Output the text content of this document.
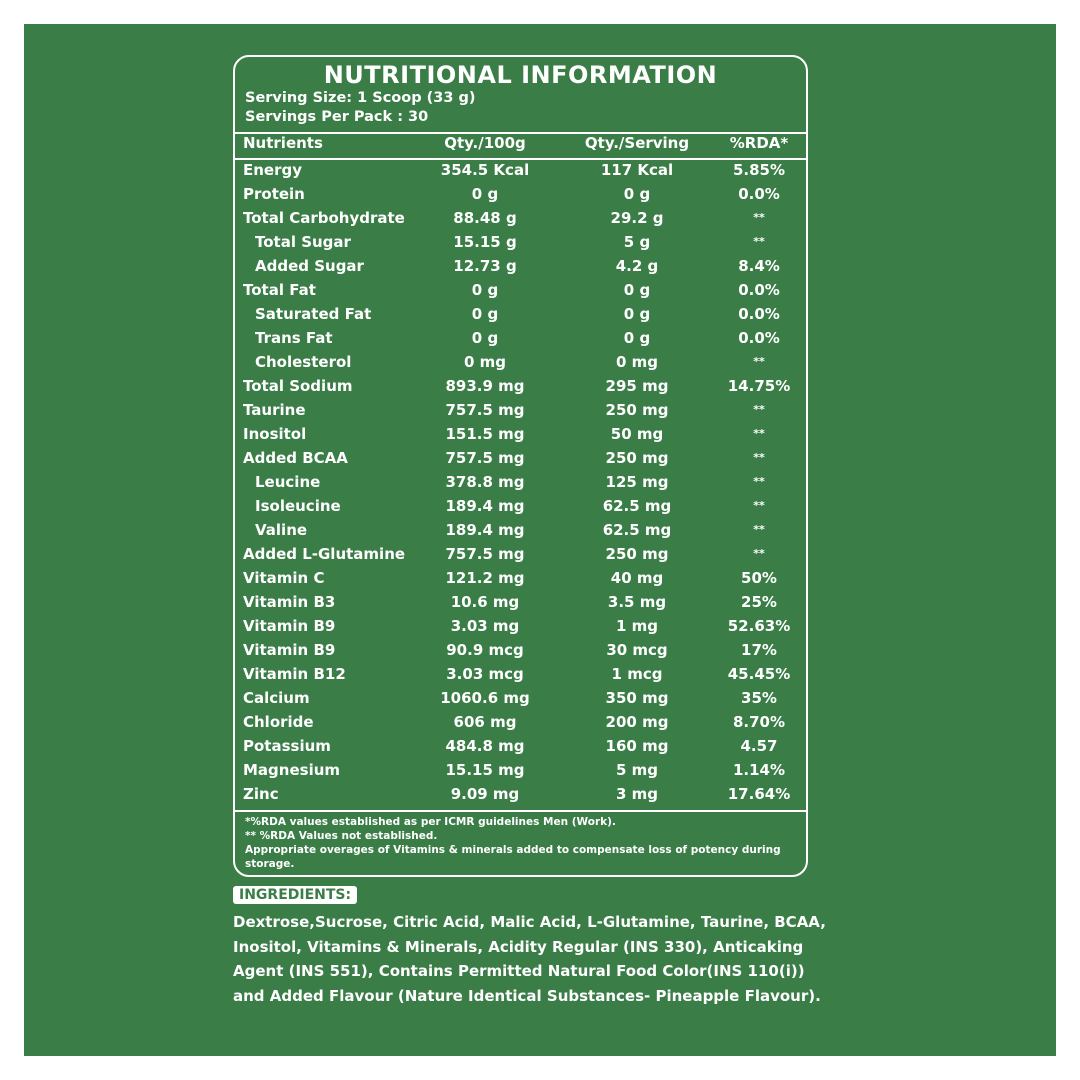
NUTRITIONAL INFORMATION
Serving Size: 1 Scoop (33 g)
Servings Per Pack : 30
Nutrients	Qty./100g	Qty./Serving	%RDA*
Energy	354.5 Kcal	117 Kcal	5.85%
Protein	0 g	0 g	0.0%
Total Carbohydrate	88.48 g	29.2 g	**
Total Sugar	15.15 g	5 g	**
Added Sugar	12.73 g	4.2 g	8.4%
Total Fat	0 g	0 g	0.0%
Saturated Fat	0 g	0 g	0.0%
Trans Fat	0 g	0 g	0.0%
Cholesterol	0 mg	0 mg	**
Total Sodium	893.9 mg	295 mg	14.75%
Taurine	757.5 mg	250 mg	**
Inositol	151.5 mg	50 mg	**
Added BCAA	757.5 mg	250 mg	**
Leucine	378.8 mg	125 mg	**
Isoleucine	189.4 mg	62.5 mg	**
Valine	189.4 mg	62.5 mg	**
Added L-Glutamine	757.5 mg	250 mg	**
Vitamin C	121.2 mg	40 mg	50%
Vitamin B3	10.6 mg	3.5 mg	25%
Vitamin B9	3.03 mg	1 mg	52.63%
Vitamin B9	90.9 mcg	30 mcg	17%
Vitamin B12	3.03 mcg	1 mcg	45.45%
Calcium	1060.6 mg	350 mg	35%
Chloride	606 mg	200 mg	8.70%
Potassium	484.8 mg	160 mg	4.57
Magnesium	15.15 mg	5 mg	1.14%
Zinc	9.09 mg	3 mg	17.64%
*%RDA values established as per ICMR guidelines Men (Work).
** %RDA Values not established.
Appropriate overages of Vitamins & minerals added to compensate loss of potency during storage.
INGREDIENTS:
Dextrose,Sucrose, Citric Acid, Malic Acid, L-Glutamine, Taurine, BCAA, Inositol, Vitamins & Minerals, Acidity Regular (INS 330), Anticaking Agent (INS 551), Contains Permitted Natural Food Color(INS 110(i)) and Added Flavour (Nature Identical Substances- Pineapple Flavour).
